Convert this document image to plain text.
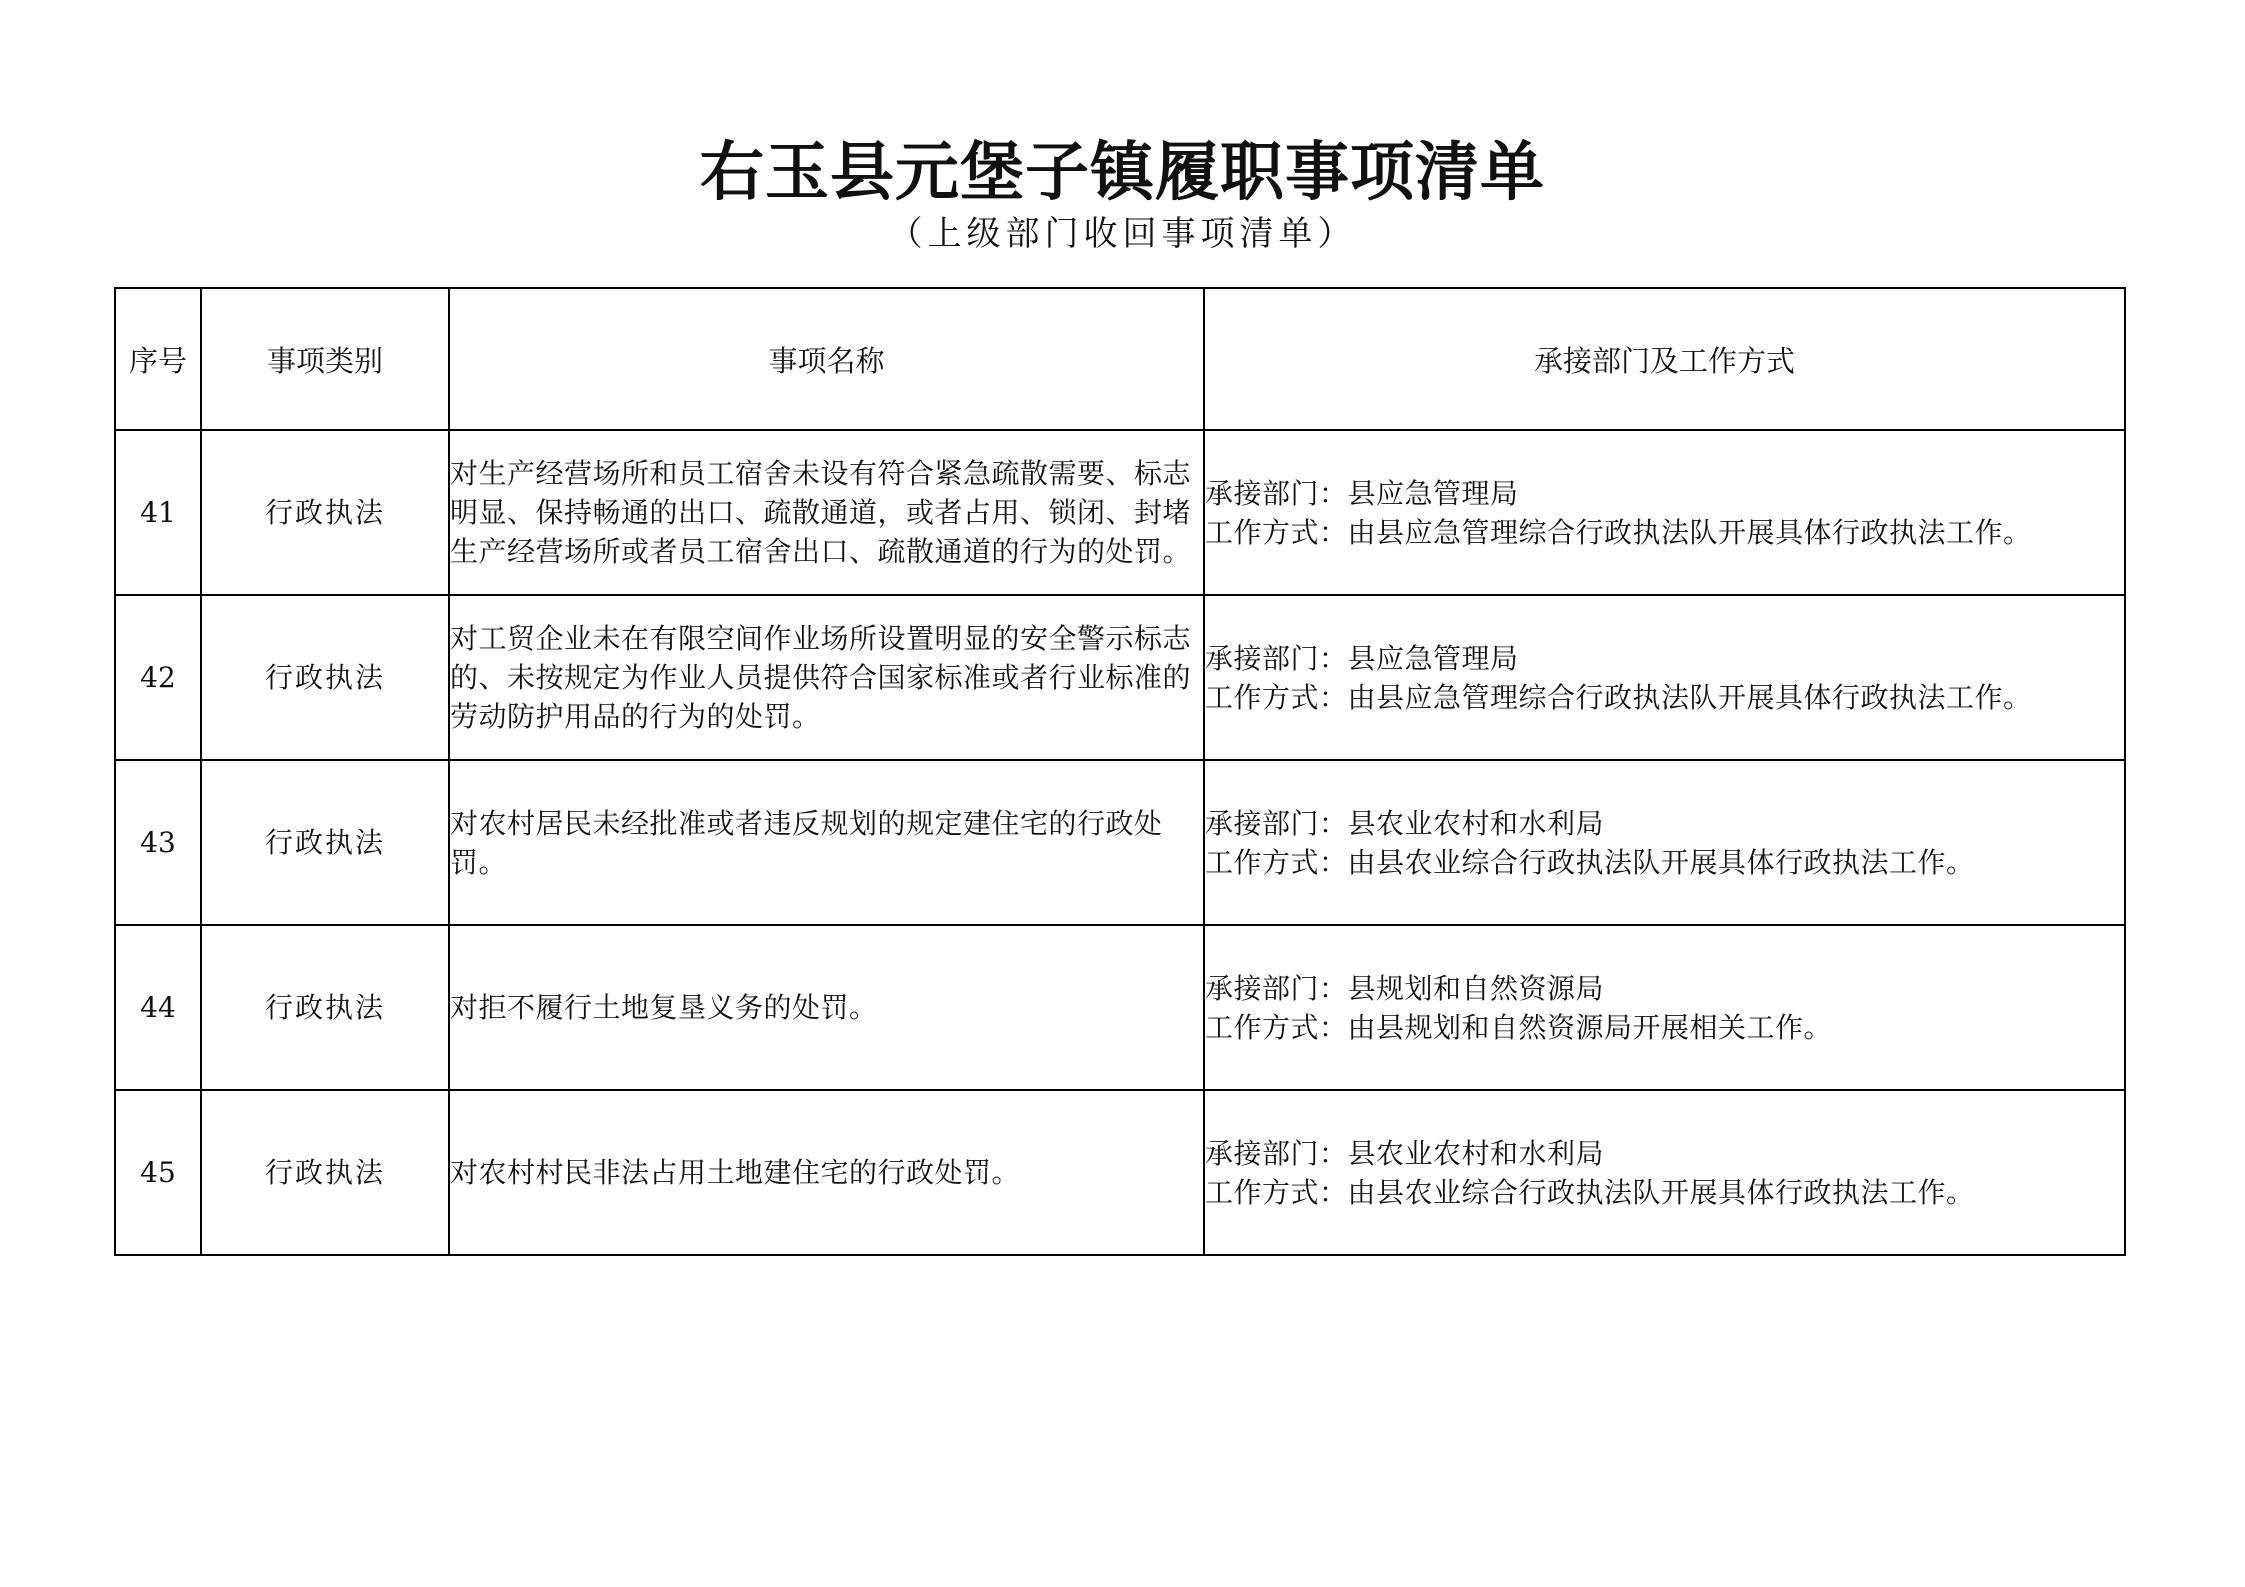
右玉县元堡子镇履职事项清单
（上级部门收回事项清单）
序号	事项类别	事项名称	承接部门及工作方式
41	行政执法	对生产经营场所和员工宿舍未设有符合紧急疏散需要、标志明显、保持畅通的出口、疏散通道，或者占用、锁闭、封堵生产经营场所或者员工宿舍出口、疏散通道的行为的处罚。	承接部门：县应急管理局
工作方式：由县应急管理综合行政执法队开展具体行政执法工作。

42	行政执法	对工贸企业未在有限空间作业场所设置明显的安全警示标志的、未按规定为作业人员提供符合国家标准或者行业标准的劳动防护用品的行为的处罚。	承接部门：县应急管理局
工作方式：由县应急管理综合行政执法队开展具体行政执法工作。

43	行政执法	对农村居民未经批准或者违反规划的规定建住宅的行政处罚。	承接部门：县农业农村和水利局
工作方式：由县农业综合行政执法队开展具体行政执法工作。

44	行政执法	对拒不履行土地复垦义务的处罚。	承接部门：县规划和自然资源局
工作方式：由县规划和自然资源局开展相关工作。

45	行政执法	对农村村民非法占用土地建住宅的行政处罚。	承接部门：县农业农村和水利局
工作方式：由县农业综合行政执法队开展具体行政执法工作。
